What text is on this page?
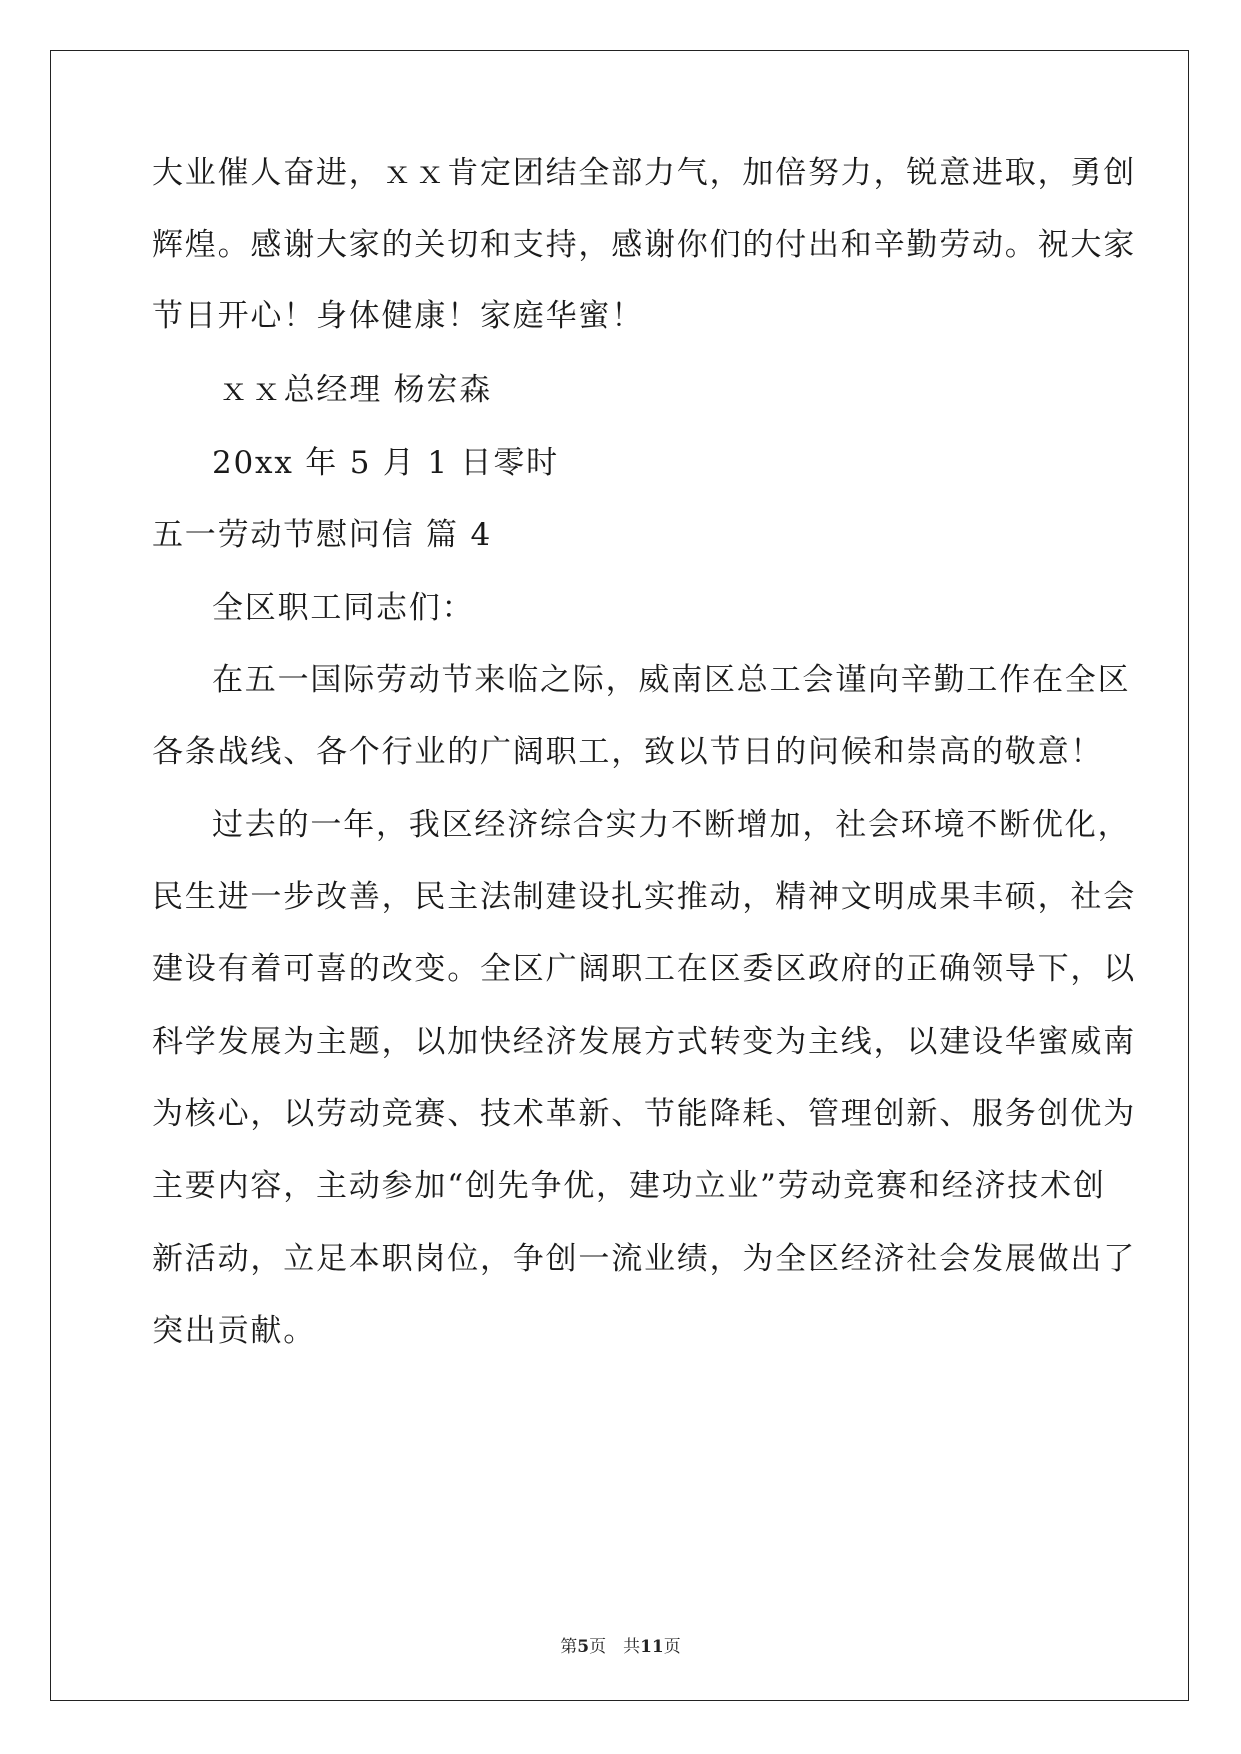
大业催人奋进，ｘｘ肯定团结全部力气，加倍努力，锐意进取，勇创
辉煌。感谢大家的关切和支持，感谢你们的付出和辛勤劳动。祝大家
节日开心！身体健康！家庭华蜜！
ｘｘ总经理 杨宏森
20xx 年 5 月 1 日零时
五一劳动节慰问信 篇 4
全区职工同志们：
在五一国际劳动节来临之际，威南区总工会谨向辛勤工作在全区
各条战线、各个行业的广阔职工，致以节日的问候和崇高的敬意！
过去的一年，我区经济综合实力不断增加，社会环境不断优化，
民生进一步改善，民主法制建设扎实推动，精神文明成果丰硕，社会
建设有着可喜的改变。全区广阔职工在区委区政府的正确领导下，以
科学发展为主题，以加快经济发展方式转变为主线，以建设华蜜威南
为核心，以劳动竞赛、技术革新、节能降耗、管理创新、服务创优为
主要内容，主动参加“创先争优，建功立业”劳动竞赛和经济技术创
新活动，立足本职岗位，争创一流业绩，为全区经济社会发展做出了
突出贡献。
第5页　共11页
